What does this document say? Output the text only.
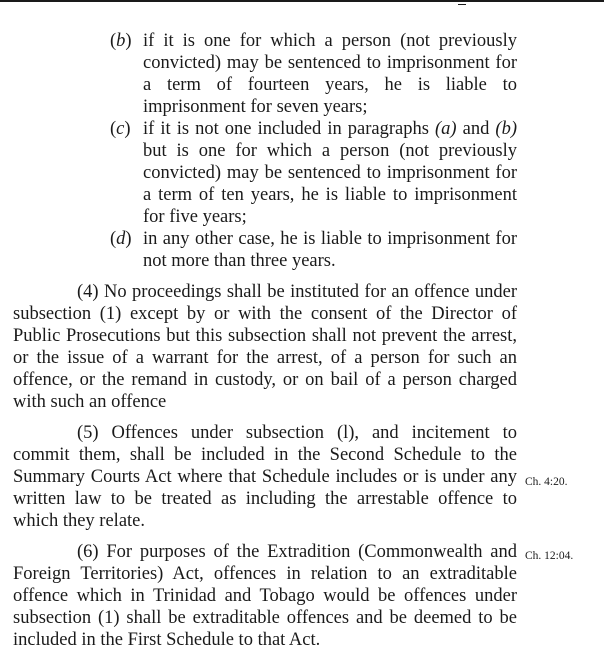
(b) if it is one for which a person (not previously convicted) may be sentenced to imprisonment for a term of fourteen years, he is liable to imprisonment for seven years;

(c) if it is not one included in paragraphs (a) and (b) but is one for which a person (not previously convicted) may be sentenced to imprisonment for a term of ten years, he is liable to imprisonment for five years;

(d) in any other case, he is liable to imprisonment for not more than three years.

(4) No proceedings shall be instituted for an offence under subsection (1) except by or with the consent of the Director of Public Prosecutions but this subsection shall not prevent the arrest, or the issue of a warrant for the arrest, of a person for such an offence, or the remand in custody, or on bail of a person charged with such an offence

(5) Offences under subsection (l), and incitement to commit them, shall be included in the Second Schedule to the Summary Courts Act where that Schedule includes or is under any written law to be treated as including the arrestable offence to which they relate.

(6) For purposes of the Extradition (Commonwealth and Foreign Territories) Act, offences in relation to an extraditable offence which in Trinidad and Tobago would be offences under subsection (1) shall be extraditable offences and be deemed to be included in the First Schedule to that Act.

Ch. 4:20.
Ch. 12:04.
